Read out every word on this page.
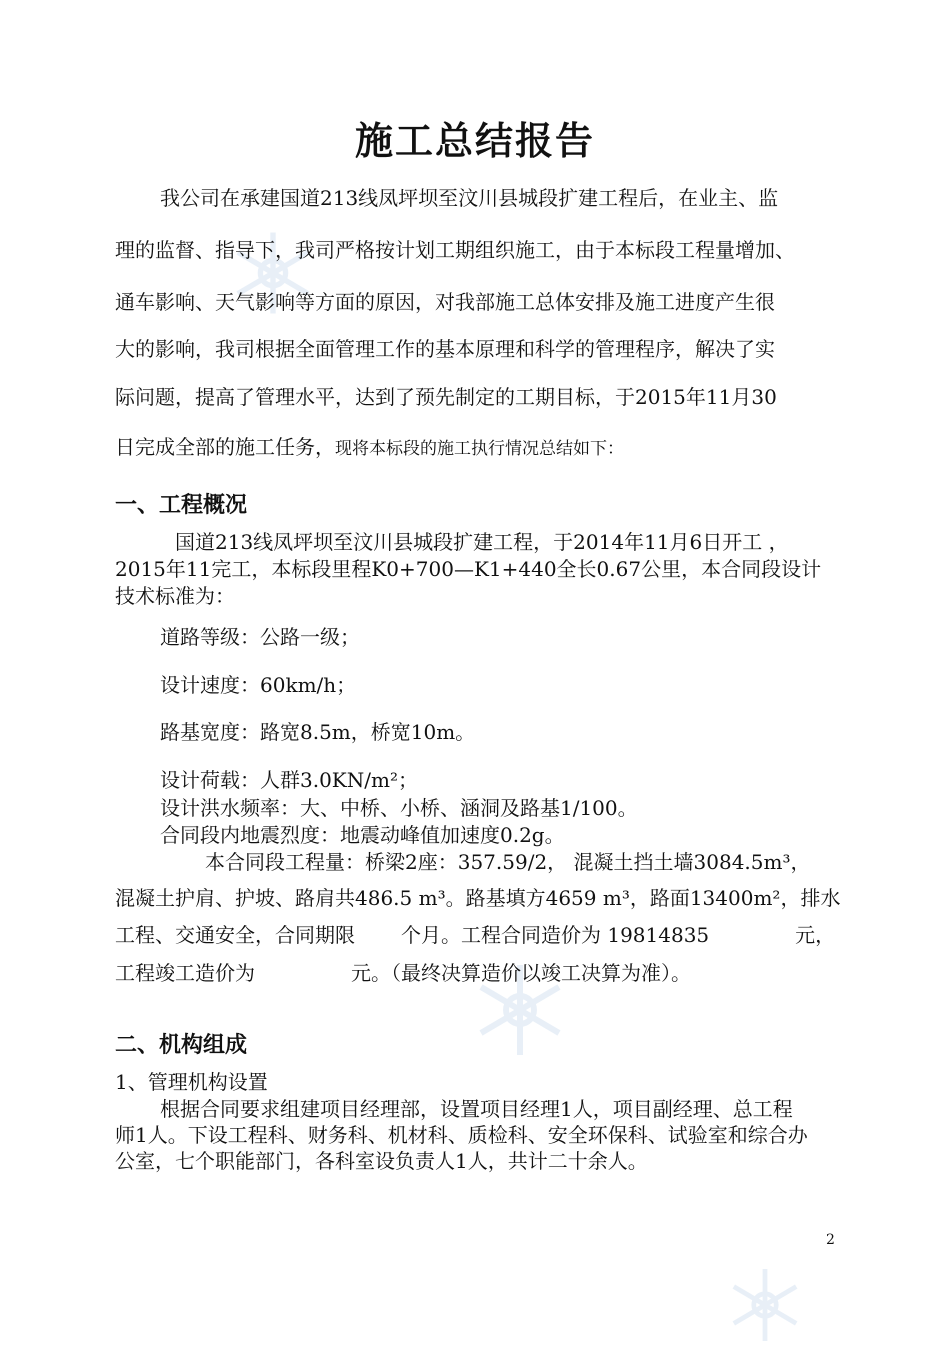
施工总结报告
我公司在承建国道213线凤坪坝至汶川县城段扩建工程后，在业主、监
理的监督、指导下，我司严格按计划工期组织施工，由于本标段工程量增加、
通车影响、天气影响等方面的原因，对我部施工总体安排及施工进度产生很
大的影响，我司根据全面管理工作的基本原理和科学的管理程序，解决了实
际问题，提高了管理水平，达到了预先制定的工期目标，于2015年11月30
日完成全部的施工任务，现将本标段的施工执行情况总结如下：
一、工程概况
国道213线凤坪坝至汶川县城段扩建工程，于2014年11月6日开工 ，
2015年11完工，本标段里程K0+700—K1+440全长0.67公里，本合同段设计
技术标准为：
道路等级：公路一级；
设计速度：60km/h；
路基宽度：路宽8.5m，桥宽10m。
设计荷载：人群3.0KN/m²；
设计洪水频率：大、中桥、小桥、涵洞及路基1/100。
合同段内地震烈度：地震动峰值加速度0.2g。
本合同段工程量：桥梁2座：357.59/2， 混凝土挡土墙3084.5m³，
混凝土护肩、护坡、路肩共486.5 m³。路基填方4659 m³，路面13400m²，排水
工程、交通安全，合同期限 个月。工程合同造价为 19814835	元，
工程竣工造价为	元。（最终决算造价以竣工决算为准）。
二、机构组成
1、管理机构设置
根据合同要求组建项目经理部，设置项目经理1人，项目副经理、总工程
师1人。下设工程科、财务科、机材科、质检科、安全环保科、试验室和综合办
公室，七个职能部门，各科室设负责人1人，共计二十余人。
2
